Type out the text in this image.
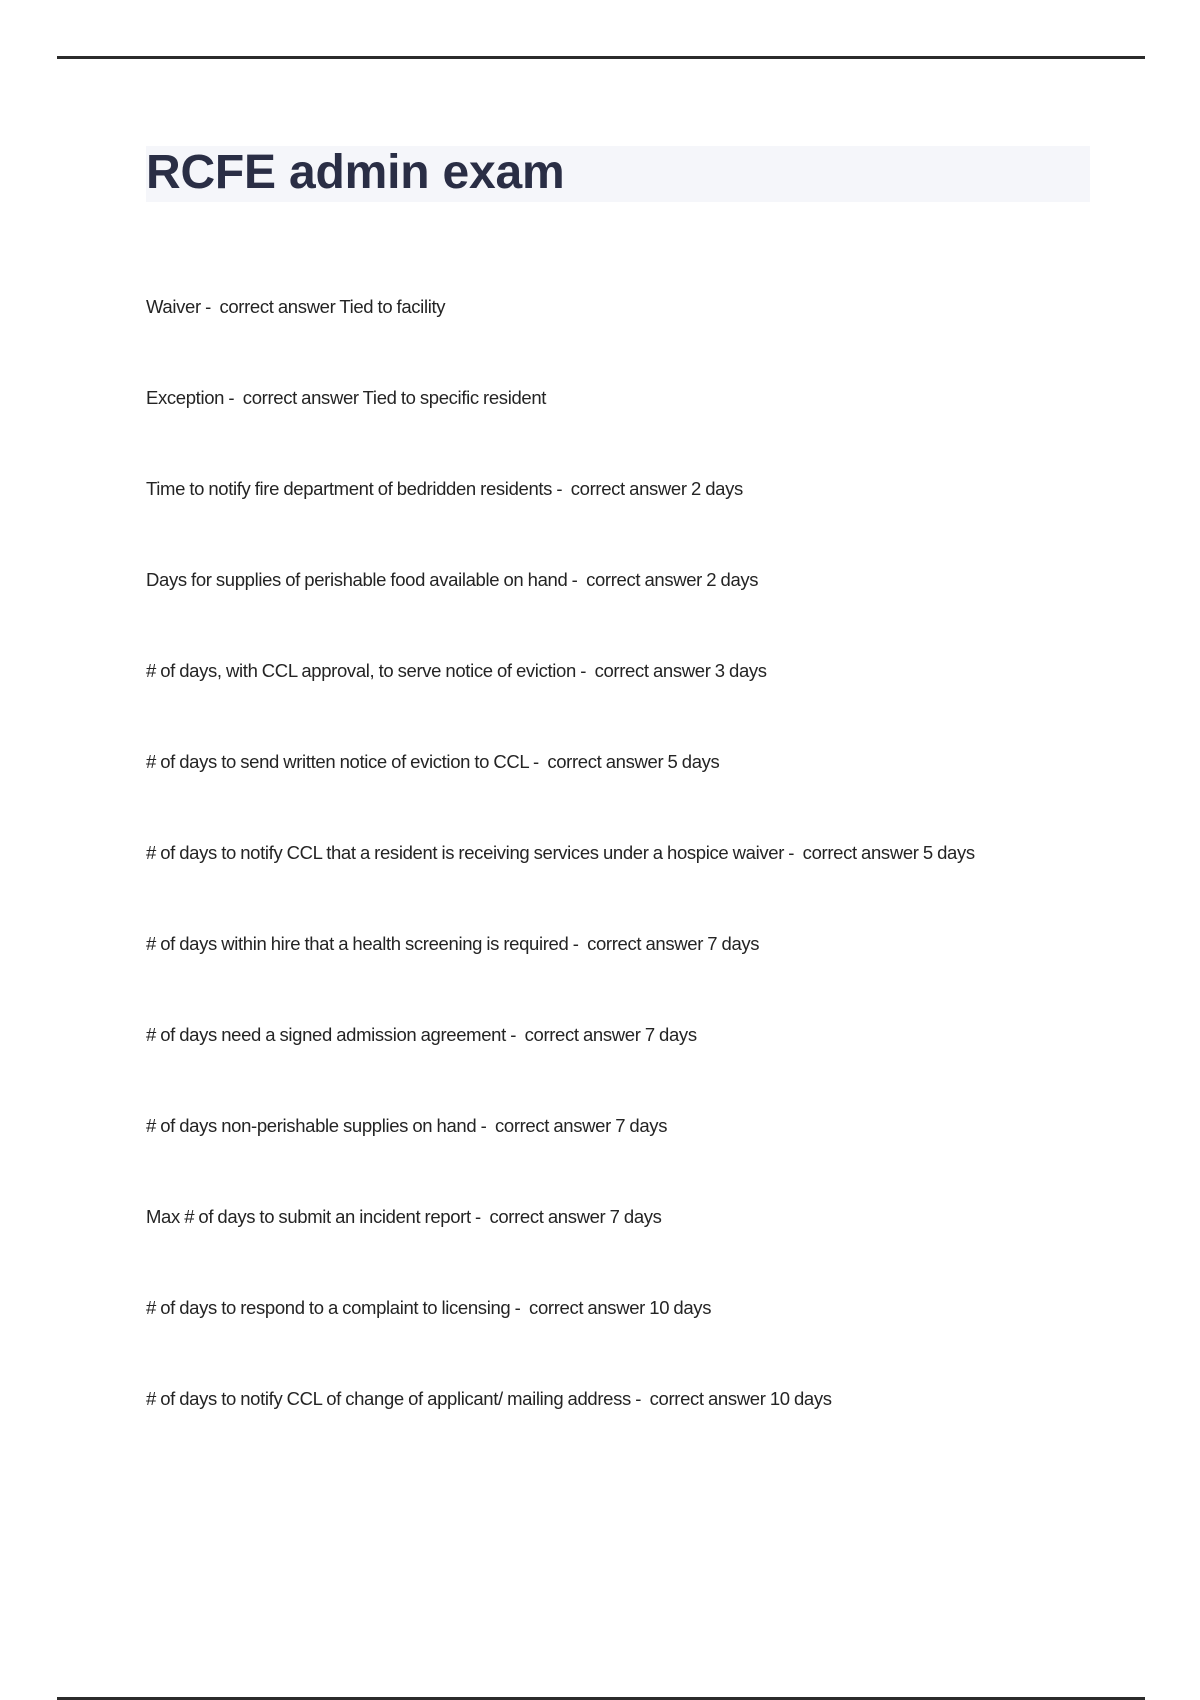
RCFE admin exam
Waiver -  correct answer Tied to facility
Exception -  correct answer Tied to specific resident
Time to notify fire department of bedridden residents -  correct answer 2 days
Days for supplies of perishable food available on hand -  correct answer 2 days
# of days, with CCL approval, to serve notice of eviction -  correct answer 3 days
# of days to send written notice of eviction to CCL -  correct answer 5 days
# of days to notify CCL that a resident is receiving services under a hospice waiver -  correct answer 5 days
# of days within hire that a health screening is required -  correct answer 7 days
# of days need a signed admission agreement -  correct answer 7 days
# of days non-perishable supplies on hand -  correct answer 7 days
Max # of days to submit an incident report -  correct answer 7 days
# of days to respond to a complaint to licensing -  correct answer 10 days
# of days to notify CCL of change of applicant/ mailing address -  correct answer 10 days
